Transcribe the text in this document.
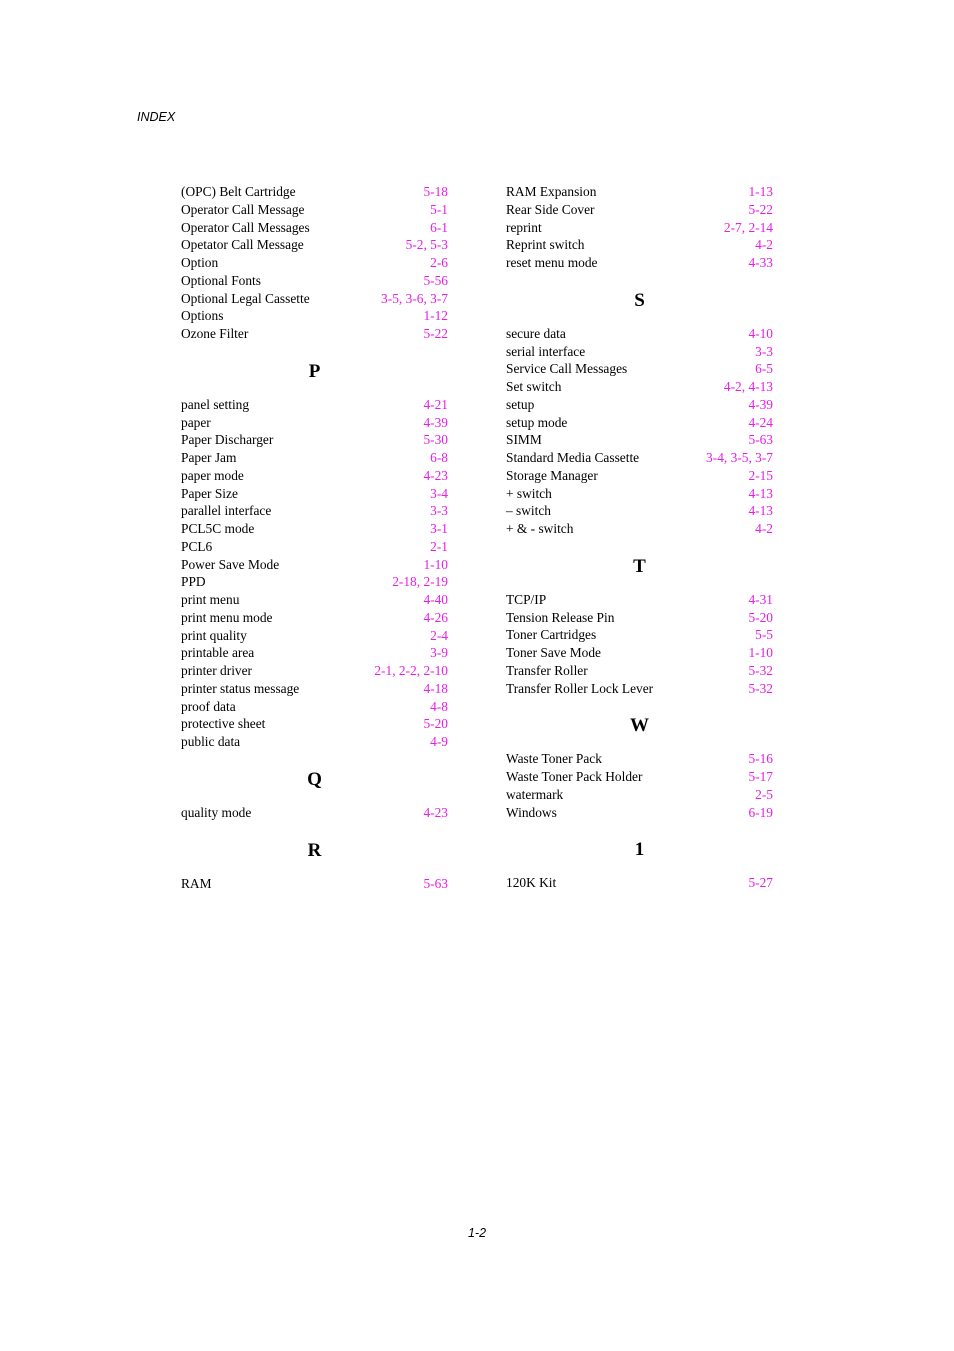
INDEX
(OPC) Belt Cartridge	5-18
Operator Call Message	5-1
Operator Call Messages	6-1
Opetator Call Message	5-2, 5-3
Option	2-6
Optional Fonts	5-56
Optional Legal Cassette	3-5, 3-6, 3-7
Options	1-12
Ozone Filter	5-22
P
panel setting	4-21
paper	4-39
Paper Discharger	5-30
Paper Jam	6-8
paper mode	4-23
Paper Size	3-4
parallel interface	3-3
PCL5C mode	3-1
PCL6	2-1
Power Save Mode	1-10
PPD	2-18, 2-19
print menu	4-40
print menu mode	4-26
print quality	2-4
printable area	3-9
printer driver	2-1, 2-2, 2-10
printer status message	4-18
proof data	4-8
protective sheet	5-20
public data	4-9
Q
quality mode	4-23
R
RAM	5-63
RAM Expansion	1-13
Rear Side Cover	5-22
reprint	2-7, 2-14
Reprint switch	4-2
reset menu mode	4-33
S
secure data	4-10
serial interface	3-3
Service Call Messages	6-5
Set switch	4-2, 4-13
setup	4-39
setup mode	4-24
SIMM	5-63
Standard Media Cassette	3-4, 3-5, 3-7
Storage Manager	2-15
+ switch	4-13
– switch	4-13
+ & - switch	4-2
T
TCP/IP	4-31
Tension Release Pin	5-20
Toner Cartridges	5-5
Toner Save Mode	1-10
Transfer Roller	5-32
Transfer Roller Lock Lever	5-32
W
Waste Toner Pack	5-16
Waste Toner Pack Holder	5-17
watermark	2-5
Windows	6-19
1
120K Kit	5-27
1-2
